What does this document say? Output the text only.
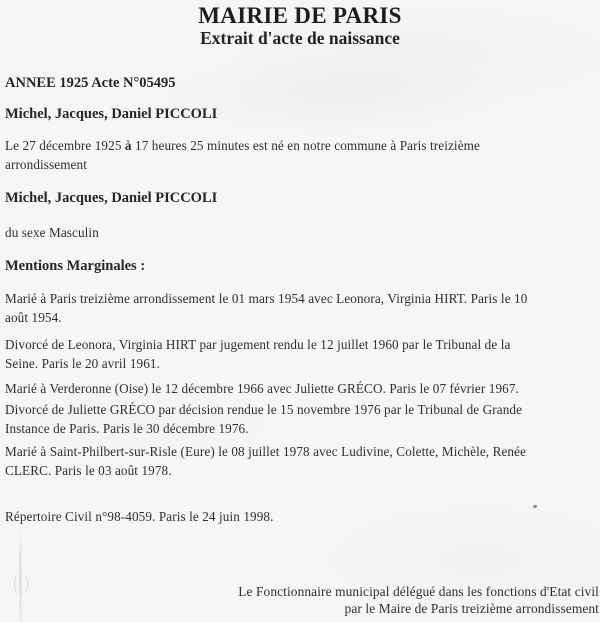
MAIRIE DE PARIS
Extrait d'acte de naissance
ANNEE 1925 Acte N°05495
Michel, Jacques, Daniel PICCOLI
Le 27 décembre 1925 à 17 heures 25 minutes est né en notre commune à Paris treizième
arrondissement
Michel, Jacques, Daniel PICCOLI
du sexe Masculin
Mentions Marginales :
Marié à Paris treizième arrondissement le 01 mars 1954 avec Leonora, Virginia HIRT. Paris le 10
août 1954.
Divorcé de Leonora, Virginia HIRT par jugement rendu le 12 juillet 1960 par le Tribunal de la
Seine. Paris le 20 avril 1961.
Marié à Verderonne (Oise) le 12 décembre 1966 avec Juliette GRÉCO. Paris le 07 février 1967.
Divorcé de Juliette GRÉCO par décision rendue le 15 novembre 1976 par le Tribunal de Grande
Instance de Paris. Paris le 30 décembre 1976.
Marié à Saint-Philbert-sur-Risle (Eure) le 08 juillet 1978 avec Ludivine, Colette, Michèle, Renée
CLERC. Paris le 03 août 1978.
Répertoire Civil n°98-4059. Paris le 24 juin 1998.
Le Fonctionnaire municipal délégué dans les fonctions d'Etat civil
par le Maire de Paris treizième arrondissement
